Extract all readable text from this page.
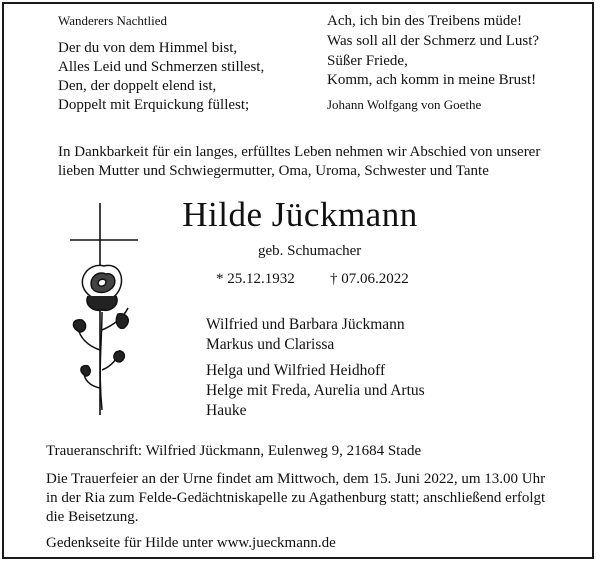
Wanderers Nachtlied
Der du von dem Himmel bist,
Alles Leid und Schmerzen stillest,
Den, der doppelt elend ist,
Doppelt mit Erquickung füllest;
Ach, ich bin des Treibens müde!
Was soll all der Schmerz und Lust?
Süßer Friede,
Komm, ach komm in meine Brust!
Johann Wolfgang von Goethe
In Dankbarkeit für ein langes, erfülltes Leben nehmen wir Abschied von unserer
lieben Mutter und Schwiegermutter, Oma, Uroma, Schwester und Tante
Hilde Jückmann
geb. Schumacher
* 25.12.1932 † 07.06.2022
Wilfried und Barbara Jückmann
Markus und Clarissa
Helga und Wilfried Heidhoff
Helge mit Freda, Aurelia und Artus
Hauke
Traueranschrift: Wilfried Jückmann, Eulenweg 9, 21684 Stade
Die Trauerfeier an der Urne findet am Mittwoch, dem 15. Juni 2022, um 13.00 Uhr
in der Ria zum Felde-Gedächtniskapelle zu Agathenburg statt; anschließend erfolgt
die Beisetzung.
Gedenkseite für Hilde unter www.jueckmann.de
